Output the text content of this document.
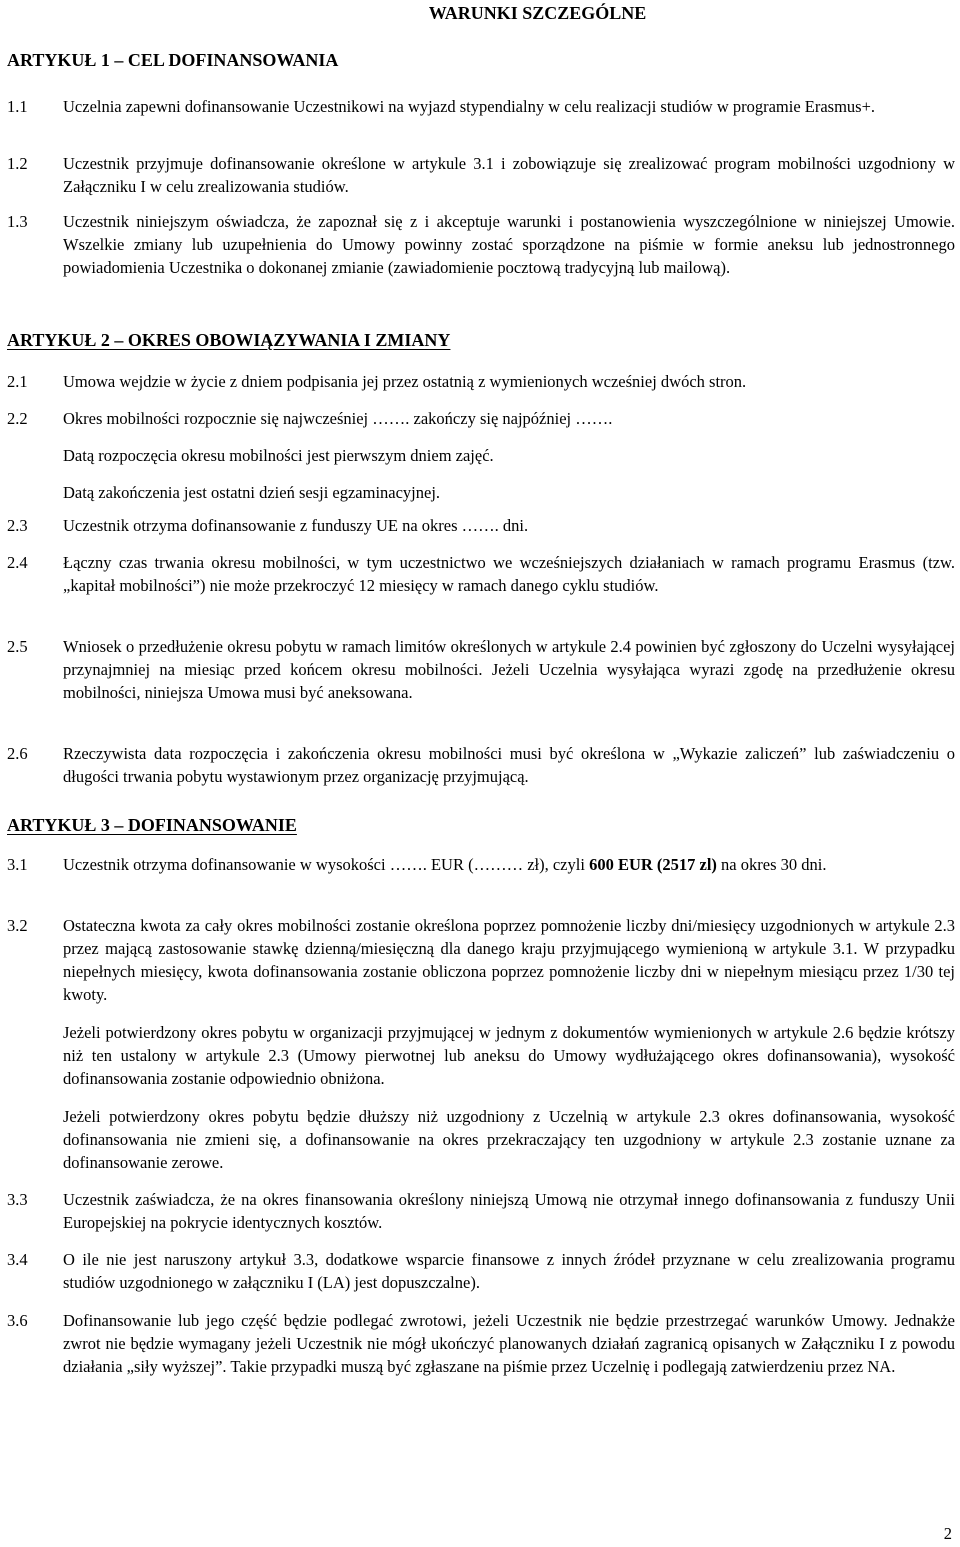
WARUNKI SZCZEGÓLNE
ARTYKUŁ 1 – CEL DOFINANSOWANIA
1.1	Uczelnia zapewni dofinansowanie Uczestnikowi na wyjazd stypendialny w celu realizacji studiów w programie Erasmus+.
1.2	Uczestnik przyjmuje dofinansowanie określone w artykule 3.1 i zobowiązuje się zrealizować program mobilności uzgodniony w Załączniku I w celu zrealizowania studiów.
1.3	Uczestnik niniejszym oświadcza, że zapoznał się z i akceptuje warunki i postanowienia wyszczególnione w niniejszej Umowie. Wszelkie zmiany lub uzupełnienia do Umowy powinny zostać sporządzone na piśmie w formie aneksu lub jednostronnego powiadomienia Uczestnika o dokonanej zmianie (zawiadomienie pocztową tradycyjną lub mailową).
ARTYKUŁ 2 – OKRES OBOWIĄZYWANIA I ZMIANY
2.1	Umowa wejdzie w życie z dniem podpisania jej przez ostatnią z wymienionych wcześniej dwóch stron.
2.2	Okres mobilności rozpocznie się najwcześniej ……. zakończy się najpóźniej …….
Datą rozpoczęcia okresu mobilności jest pierwszym dniem zajęć.
Datą zakończenia jest ostatni dzień sesji egzaminacyjnej.
2.3	Uczestnik otrzyma dofinansowanie z funduszy UE na okres ……. dni.
2.4	Łączny czas trwania okresu mobilności, w tym uczestnictwo we wcześniejszych działaniach w ramach programu Erasmus (tzw. „kapitał mobilności”) nie może przekroczyć 12 miesięcy w ramach danego cyklu studiów.
2.5	Wniosek o przedłużenie okresu pobytu w ramach limitów określonych w artykule 2.4 powinien być zgłoszony do Uczelni wysyłającej przynajmniej na miesiąc przed końcem okresu mobilności. Jeżeli Uczelnia wysyłająca wyrazi zgodę na przedłużenie okresu mobilności, niniejsza Umowa musi być aneksowana.
2.6	Rzeczywista data rozpoczęcia i zakończenia okresu mobilności musi być określona w „Wykazie zaliczeń” lub zaświadczeniu o długości trwania pobytu wystawionym przez organizację przyjmującą.
ARTYKUŁ 3 – DOFINANSOWANIE
3.1	Uczestnik otrzyma dofinansowanie w wysokości ……. EUR (……… zł), czyli 600 EUR (2517 zl) na okres 30 dni.
3.2	Ostateczna kwota za cały okres mobilności zostanie określona poprzez pomnożenie liczby dni/miesięcy uzgodnionych w artykule 2.3 przez mającą zastosowanie stawkę dzienną/miesięczną dla danego kraju przyjmującego wymienioną w artykule 3.1. W przypadku niepełnych miesięcy, kwota dofinansowania zostanie obliczona poprzez pomnożenie liczby dni w niepełnym miesiącu przez 1/30 tej kwoty.
Jeżeli potwierdzony okres pobytu w organizacji przyjmującej w jednym z dokumentów wymienionych w artykule 2.6 będzie krótszy niż ten ustalony w artykule 2.3 (Umowy pierwotnej lub aneksu do Umowy wydłużającego okres dofinansowania), wysokość dofinansowania zostanie odpowiednio obniżona.
Jeżeli potwierdzony okres pobytu będzie dłuższy niż uzgodniony z Uczelnią w artykule 2.3 okres dofinansowania, wysokość dofinansowania nie zmieni się, a dofinansowanie na okres przekraczający ten uzgodniony w artykule 2.3 zostanie uznane za dofinansowanie zerowe.
3.3	Uczestnik zaświadcza, że na okres finansowania określony niniejszą Umową nie otrzymał innego dofinansowania z funduszy Unii Europejskiej na pokrycie identycznych kosztów.
3.4	O ile nie jest naruszony artykuł 3.3, dodatkowe wsparcie finansowe z innych źródeł przyznane w celu zrealizowania programu studiów uzgodnionego w załączniku I (LA) jest dopuszczalne).
3.6	Dofinansowanie lub jego część będzie podlegać zwrotowi, jeżeli Uczestnik nie będzie przestrzegać warunków Umowy. Jednakże zwrot nie będzie wymagany jeżeli Uczestnik nie mógł ukończyć planowanych działań zagranicą opisanych w Załączniku I z powodu działania „siły wyższej”. Takie przypadki muszą być zgłaszane na piśmie przez Uczelnię i podlegają zatwierdzeniu przez NA.
2
